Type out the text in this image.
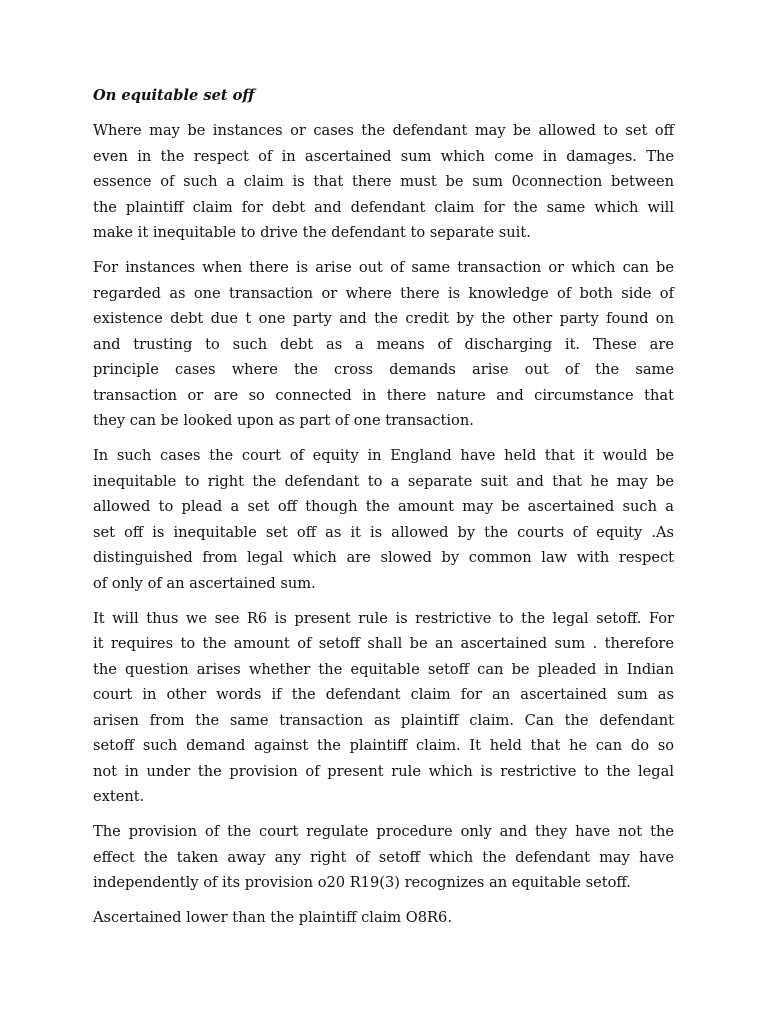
On equitable set off

Where may be instances or cases the defendant may be allowed to set off
even in the respect of in ascertained sum which come in damages. The
essence of such a claim is that there must be sum 0connection between
the plaintiff claim for debt and defendant claim for the same which will
make it inequitable to drive the defendant to separate suit.

For instances when there is arise out of same transaction or which can be
regarded as one transaction or where there is knowledge of both side of
existence debt due t one party and the credit by the other party found on
and trusting to such debt as a means of discharging it. These are
principle cases where the cross demands arise out of the same
transaction or are so connected in there nature and circumstance that
they can be looked upon as part of one transaction.

In such cases the court of equity in England have held that it would be
inequitable to right the defendant to a separate suit and that he may be
allowed to plead a set off though the amount may be ascertained such a
set off is inequitable set off as it is allowed by the courts of equity .As
distinguished from legal which are slowed by common law with respect
of only of an ascertained sum.

It will thus we see R6 is present rule is restrictive to the legal setoff. For
it requires to the amount of setoff shall be an ascertained sum . therefore
the question arises whether the equitable setoff can be pleaded in Indian
court in other words if the defendant claim for an ascertained sum as
arisen from the same transaction as plaintiff claim. Can the defendant
setoff such demand against the plaintiff claim. It held that he can do so
not in under the provision of present rule which is restrictive to the legal
extent.

The provision of the court regulate procedure only and they have not the
effect the taken away any right of setoff which the defendant may have
independently of its provision o20 R19(3) recognizes an equitable setoff.

Ascertained lower than the plaintiff claim O8R6.
